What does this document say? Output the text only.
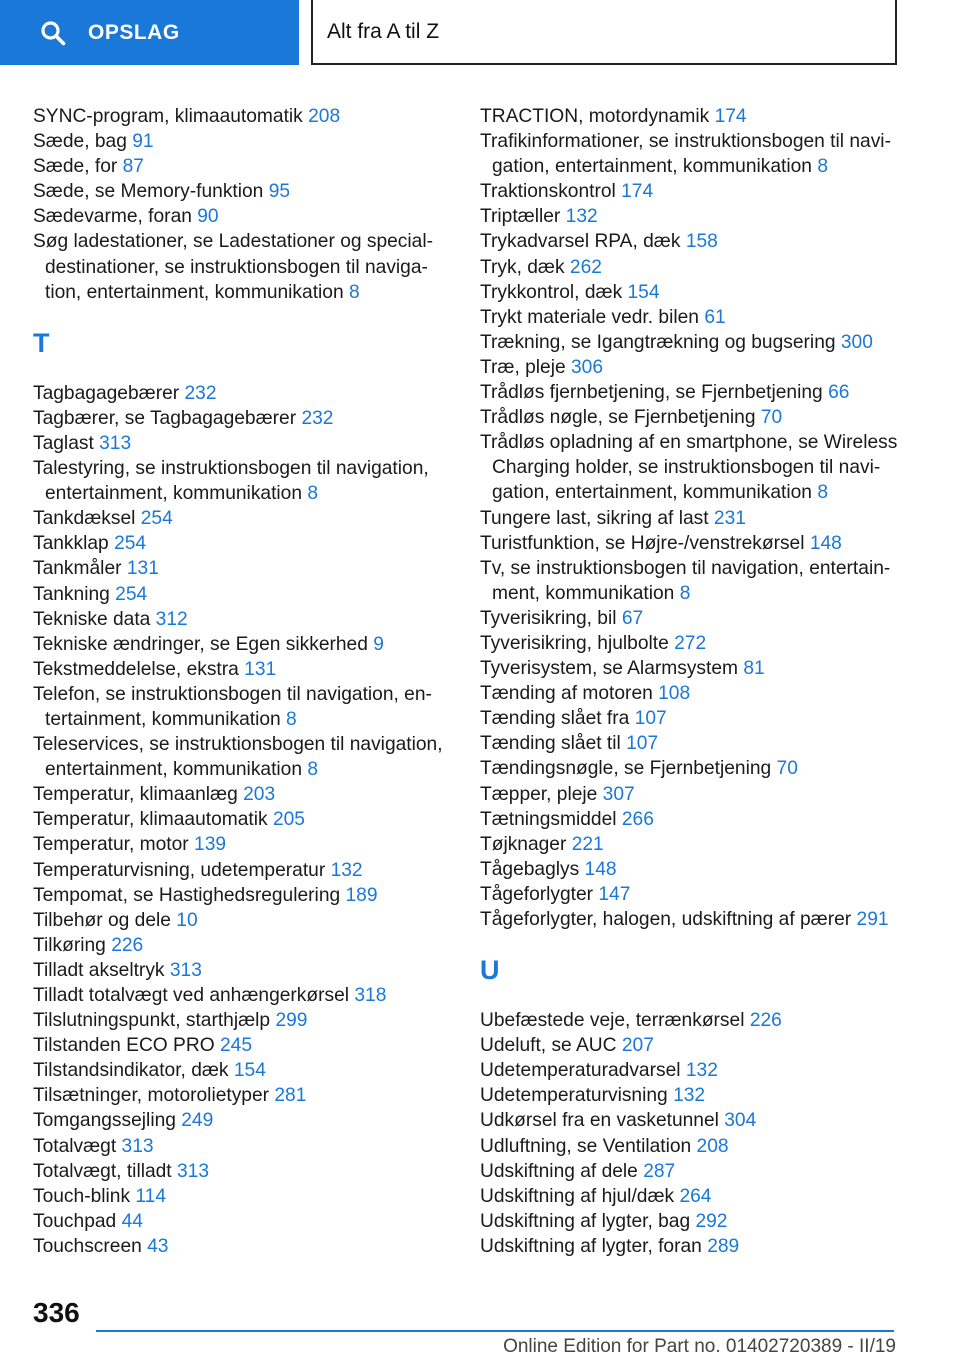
OPSLAG	Alt fra A til Z
SYNC-program, klimaautomatik 208
Sæde, bag 91
Sæde, for 87
Sæde, se Memory-funktion 95
Sædevarme, foran 90
Søg ladestationer, se Ladestationer og specialdestinationer, se instruktionsbogen til navigation, entertainment, kommunikation 8
T
Tagbagagebærer 232
Tagbærer, se Tagbagagebærer 232
Taglast 313
Talestyring, se instruktionsbogen til navigation, entertainment, kommunikation 8
Tankdæksel 254
Tankklap 254
Tankmåler 131
Tankning 254
Tekniske data 312
Tekniske ændringer, se Egen sikkerhed 9
Tekstmeddelelse, ekstra 131
Telefon, se instruktionsbogen til navigation, entertainment, kommunikation 8
Teleservices, se instruktionsbogen til navigation, entertainment, kommunikation 8
Temperatur, klimaanlæg 203
Temperatur, klimaautomatik 205
Temperatur, motor 139
Temperaturvisning, udetemperatur 132
Tempomat, se Hastighedsregulering 189
Tilbehør og dele 10
Tilkøring 226
Tilladt akseltryk 313
Tilladt totalvægt ved anhængerkørsel 318
Tilslutningspunkt, starthjælp 299
Tilstanden ECO PRO 245
Tilstandsindikator, dæk 154
Tilsætninger, motorolietyper 281
Tomgangssejling 249
Totalvægt 313
Totalvægt, tilladt 313
Touch-blink 114
Touchpad 44
Touchscreen 43
TRACTION, motordynamik 174
Trafikinformationer, se instruktionsbogen til navigation, entertainment, kommunikation 8
Traktionskontrol 174
Triptæller 132
Trykadvarsel RPA, dæk 158
Tryk, dæk 262
Trykkontrol, dæk 154
Trykt materiale vedr. bilen 61
Trækning, se Igangtrækning og bugsering 300
Træ, pleje 306
Trådløs fjernbetjening, se Fjernbetjening 66
Trådløs nøgle, se Fjernbetjening 70
Trådløs opladning af en smartphone, se Wireless Charging holder, se instruktionsbogen til navigation, entertainment, kommunikation 8
Tungere last, sikring af last 231
Turistfunktion, se Højre-/venstrekørsel 148
Tv, se instruktionsbogen til navigation, entertainment, kommunikation 8
Tyverisikring, bil 67
Tyverisikring, hjulbolte 272
Tyverisystem, se Alarmsystem 81
Tænding af motoren 108
Tænding slået fra 107
Tænding slået til 107
Tændingsnøgle, se Fjernbetjening 70
Tæpper, pleje 307
Tætningsmiddel 266
Tøjknager 221
Tågebaglys 148
Tågeforlygter 147
Tågeforlygter, halogen, udskiftning af pærer 291
U
Ubefæstede veje, terrænkørsel 226
Udeluft, se AUC 207
Udetemperaturadvarsel 132
Udetemperaturvisning 132
Udkørsel fra en vasketunnel 304
Udluftning, se Ventilation 208
Udskiftning af dele 287
Udskiftning af hjul/dæk 264
Udskiftning af lygter, bag 292
Udskiftning af lygter, foran 289
336
Online Edition for Part no. 01402720389 - II/19
